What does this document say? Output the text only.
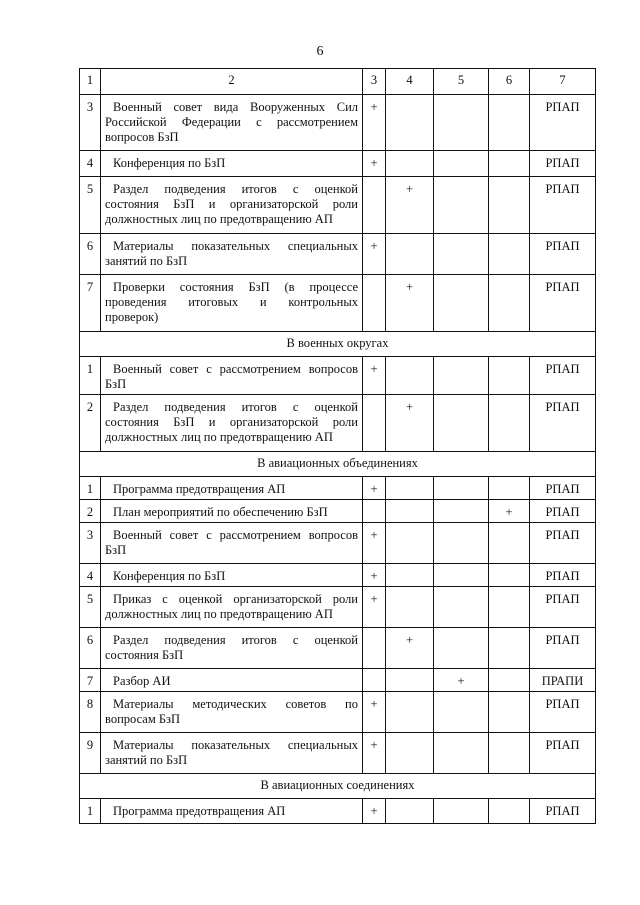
6
1	2	3	4	5	6	7
3	Военный совет вида Вооруженных Сил Российской Федерации с рассмотрением вопросов БзП	+				РПАП
4	Конференция по БзП	+				РПАП
5	Раздел подведения итогов с оценкой состояния БзП и организаторской роли должностных лиц по предотвращению АП		+			РПАП
6	Материалы показательных специальных занятий по БзП	+				РПАП
7	Проверки состояния БзП (в процессе проведения итоговых и контрольных проверок)		+			РПАП
В военных округах						
1	Военный совет с рассмотрением вопросов БзП	+				РПАП
2	Раздел подведения итогов с оценкой состояния БзП и организаторской роли должностных лиц по предотвращению АП		+			РПАП
В авиационных объединениях						
1	Программа предотвращения АП	+				РПАП
2	План мероприятий по обеспечению БзП				+	РПАП
3	Военный совет с рассмотрением вопросов БзП	+				РПАП
4	Конференция по БзП	+				РПАП
5	Приказ с оценкой организаторской роли должностных лиц по предотвращению АП	+				РПАП
6	Раздел подведения итогов с оценкой состояния БзП		+			РПАП
7	Разбор АИ			+		ПРАПИ
8	Материалы методических советов по вопросам БзП	+				РПАП
9	Материалы показательных специальных занятий по БзП	+				РПАП
В авиационных соединениях						
1	Программа предотвращения АП	+				РПАП
